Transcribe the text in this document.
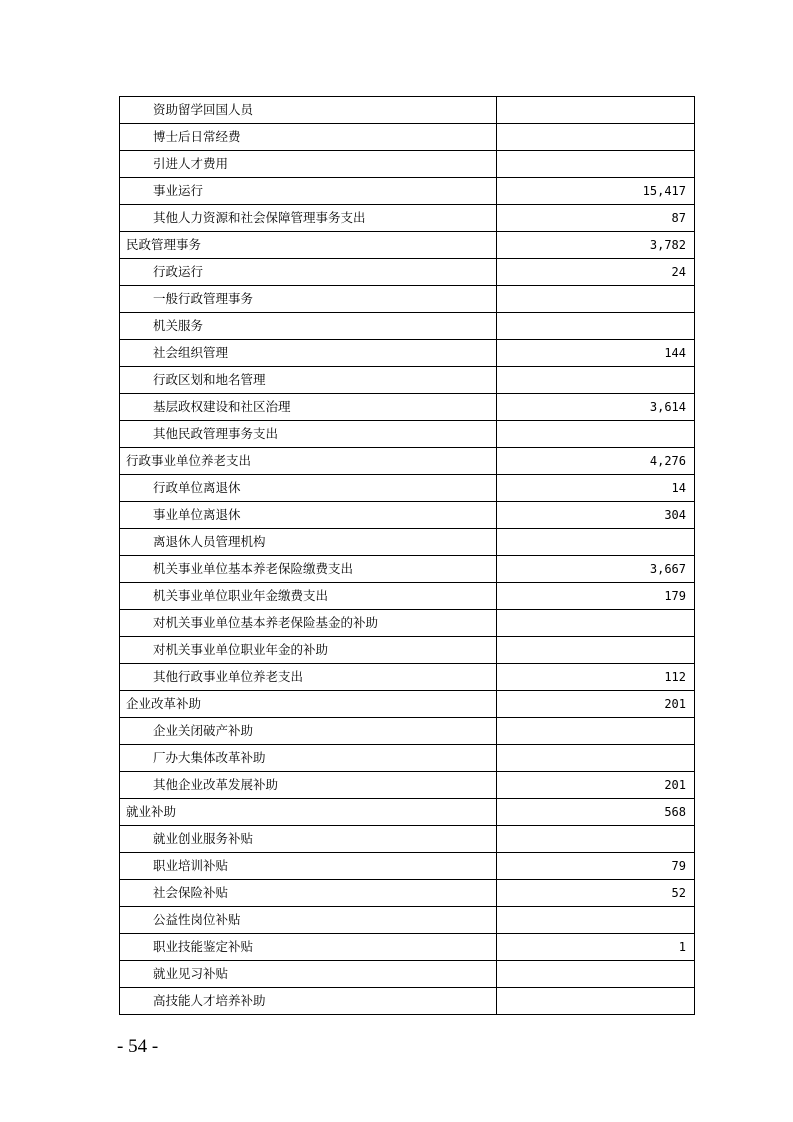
资助留学回国人员	
博士后日常经费	
引进人才费用	
事业运行	15,417
其他人力资源和社会保障管理事务支出	87
民政管理事务	3,782
行政运行	24
一般行政管理事务	
机关服务	
社会组织管理	144
行政区划和地名管理	
基层政权建设和社区治理	3,614
其他民政管理事务支出	
行政事业单位养老支出	4,276
行政单位离退休	14
事业单位离退休	304
离退休人员管理机构	
机关事业单位基本养老保险缴费支出	3,667
机关事业单位职业年金缴费支出	179
对机关事业单位基本养老保险基金的补助	
对机关事业单位职业年金的补助	
其他行政事业单位养老支出	112
企业改革补助	201
企业关闭破产补助	
厂办大集体改革补助	
其他企业改革发展补助	201
就业补助	568
就业创业服务补贴	
职业培训补贴	79
社会保险补贴	52
公益性岗位补贴	
职业技能鉴定补贴	1
就业见习补贴	
高技能人才培养补助	
- 54 -
